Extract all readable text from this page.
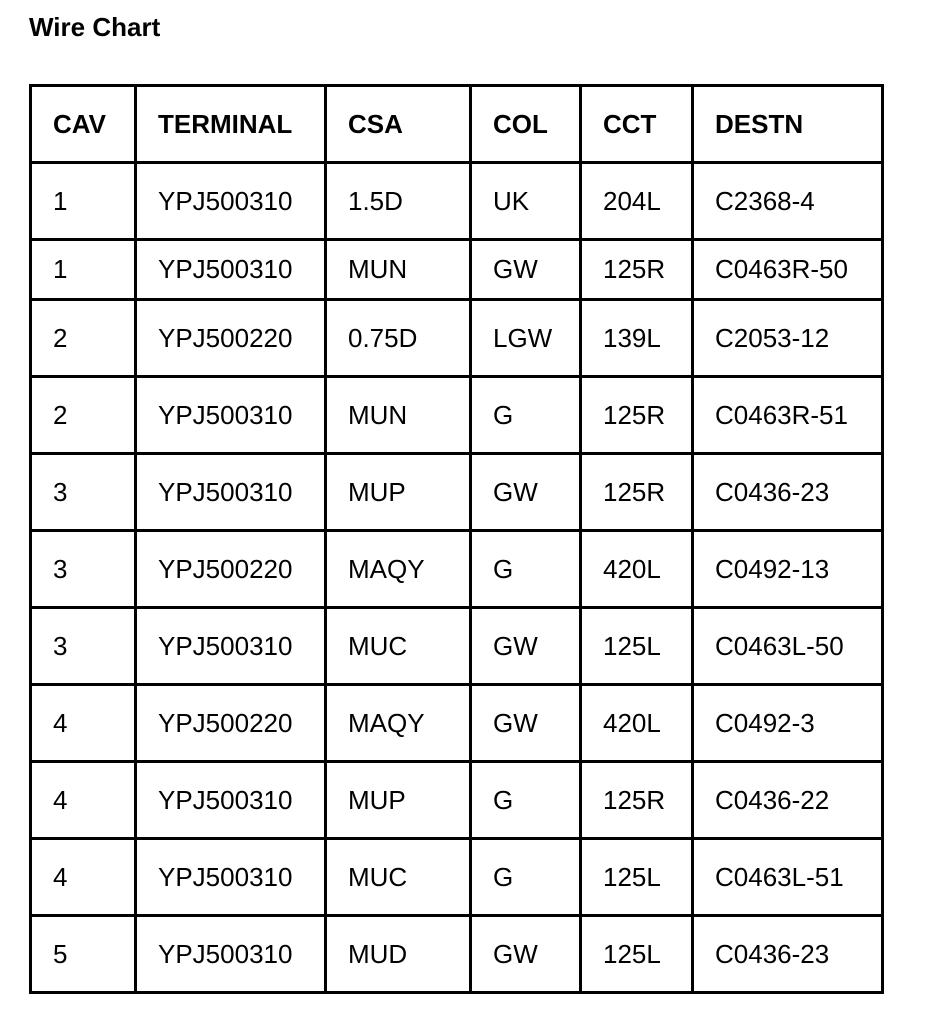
Wire Chart
CAV	TERMINAL	CSA	COL	CCT	DESTN
1	YPJ500310	1.5D	UK	204L	C2368-4
1	YPJ500310	MUN	GW	125R	C0463R-50
2	YPJ500220	0.75D	LGW	139L	C2053-12
2	YPJ500310	MUN	G	125R	C0463R-51
3	YPJ500310	MUP	GW	125R	C0436-23
3	YPJ500220	MAQY	G	420L	C0492-13
3	YPJ500310	MUC	GW	125L	C0463L-50
4	YPJ500220	MAQY	GW	420L	C0492-3
4	YPJ500310	MUP	G	125R	C0436-22
4	YPJ500310	MUC	G	125L	C0463L-51
5	YPJ500310	MUD	GW	125L	C0436-23
